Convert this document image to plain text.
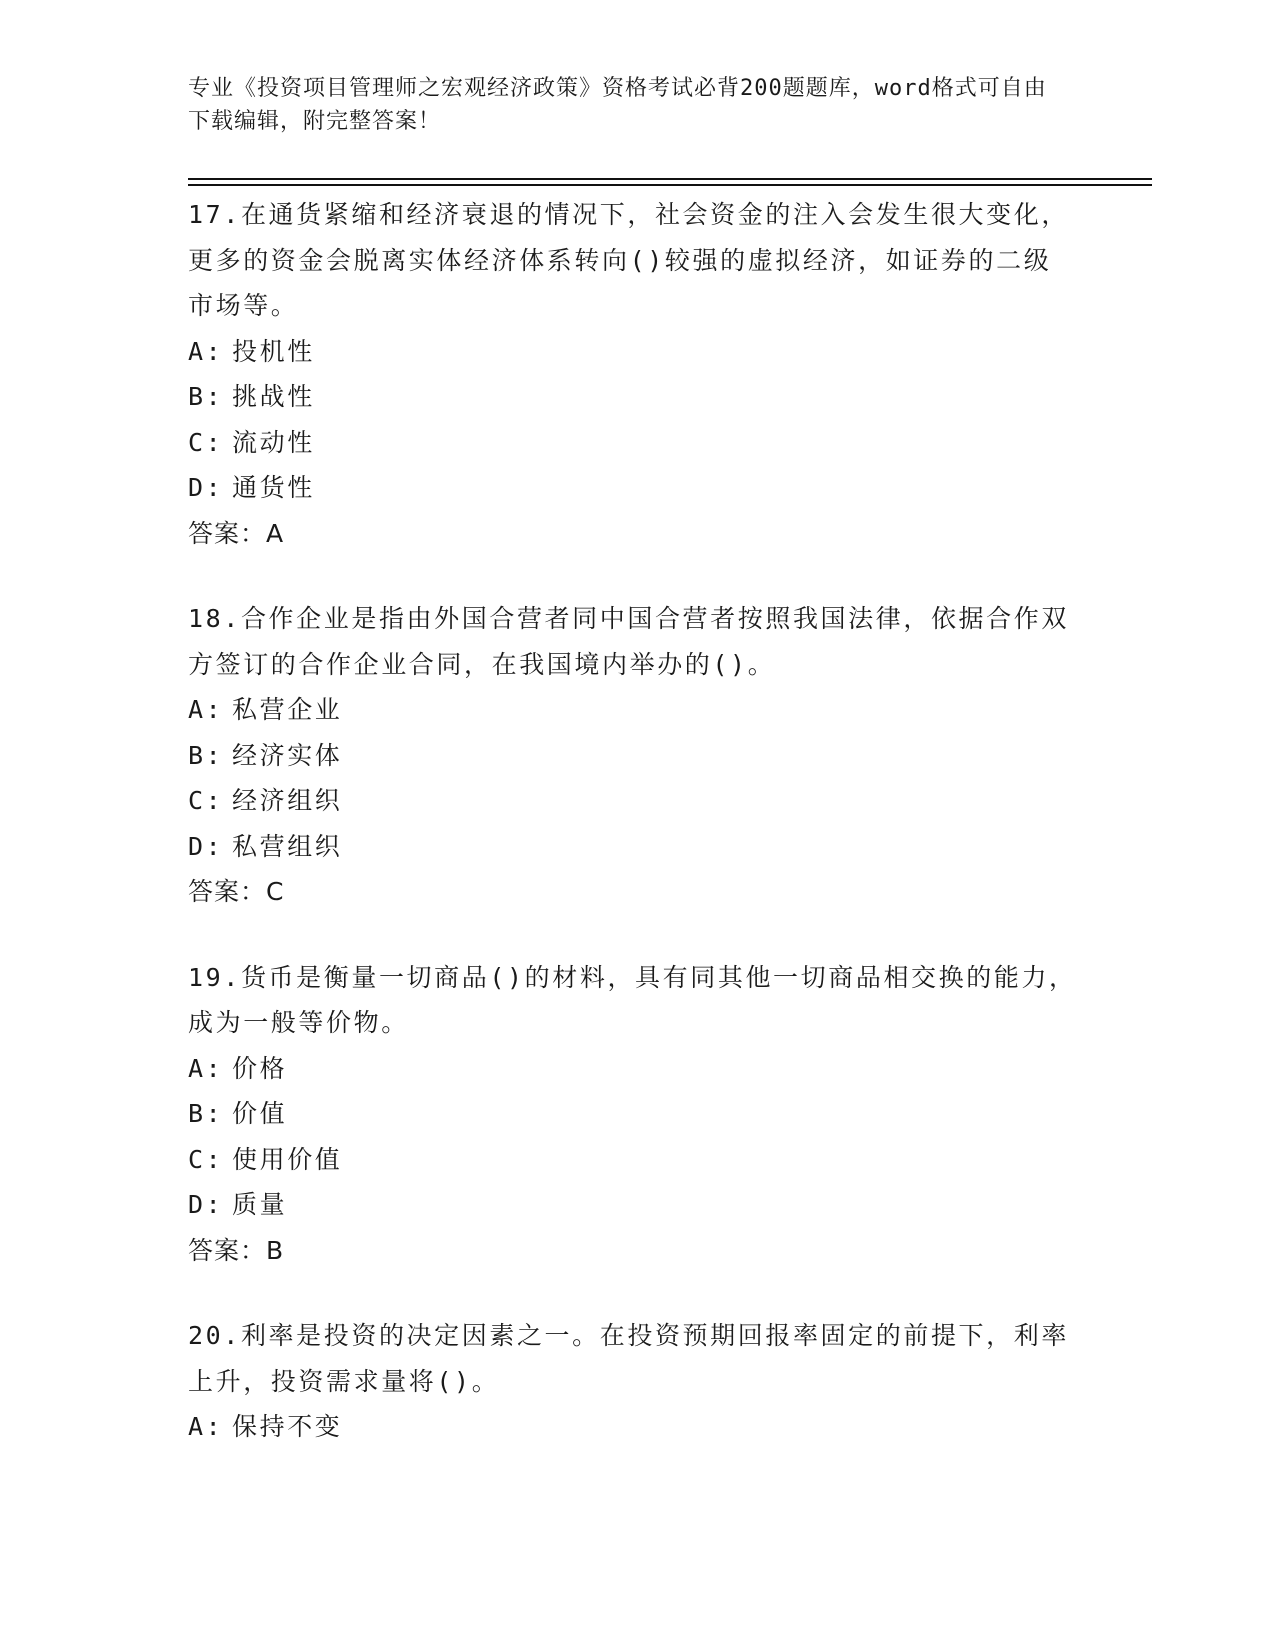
专业《投资项目管理师之宏观经济政策》资格考试必背200题题库，word格式可自由下载编辑，附完整答案！
17.在通货紧缩和经济衰退的情况下，社会资金的注入会发生很大变化，更多的资金会脱离实体经济体系转向()较强的虚拟经济，如证券的二级市场等。
A: 投机性
B: 挑战性
C: 流动性
D: 通货性
答案：A
18.合作企业是指由外国合营者同中国合营者按照我国法律，依据合作双方签订的合作企业合同，在我国境内举办的()。
A: 私营企业
B: 经济实体
C: 经济组织
D: 私营组织
答案：C
19.货币是衡量一切商品()的材料，具有同其他一切商品相交换的能力，成为一般等价物。
A: 价格
B: 价值
C: 使用价值
D: 质量
答案：B
20.利率是投资的决定因素之一。在投资预期回报率固定的前提下，利率上升，投资需求量将()。
A: 保持不变
